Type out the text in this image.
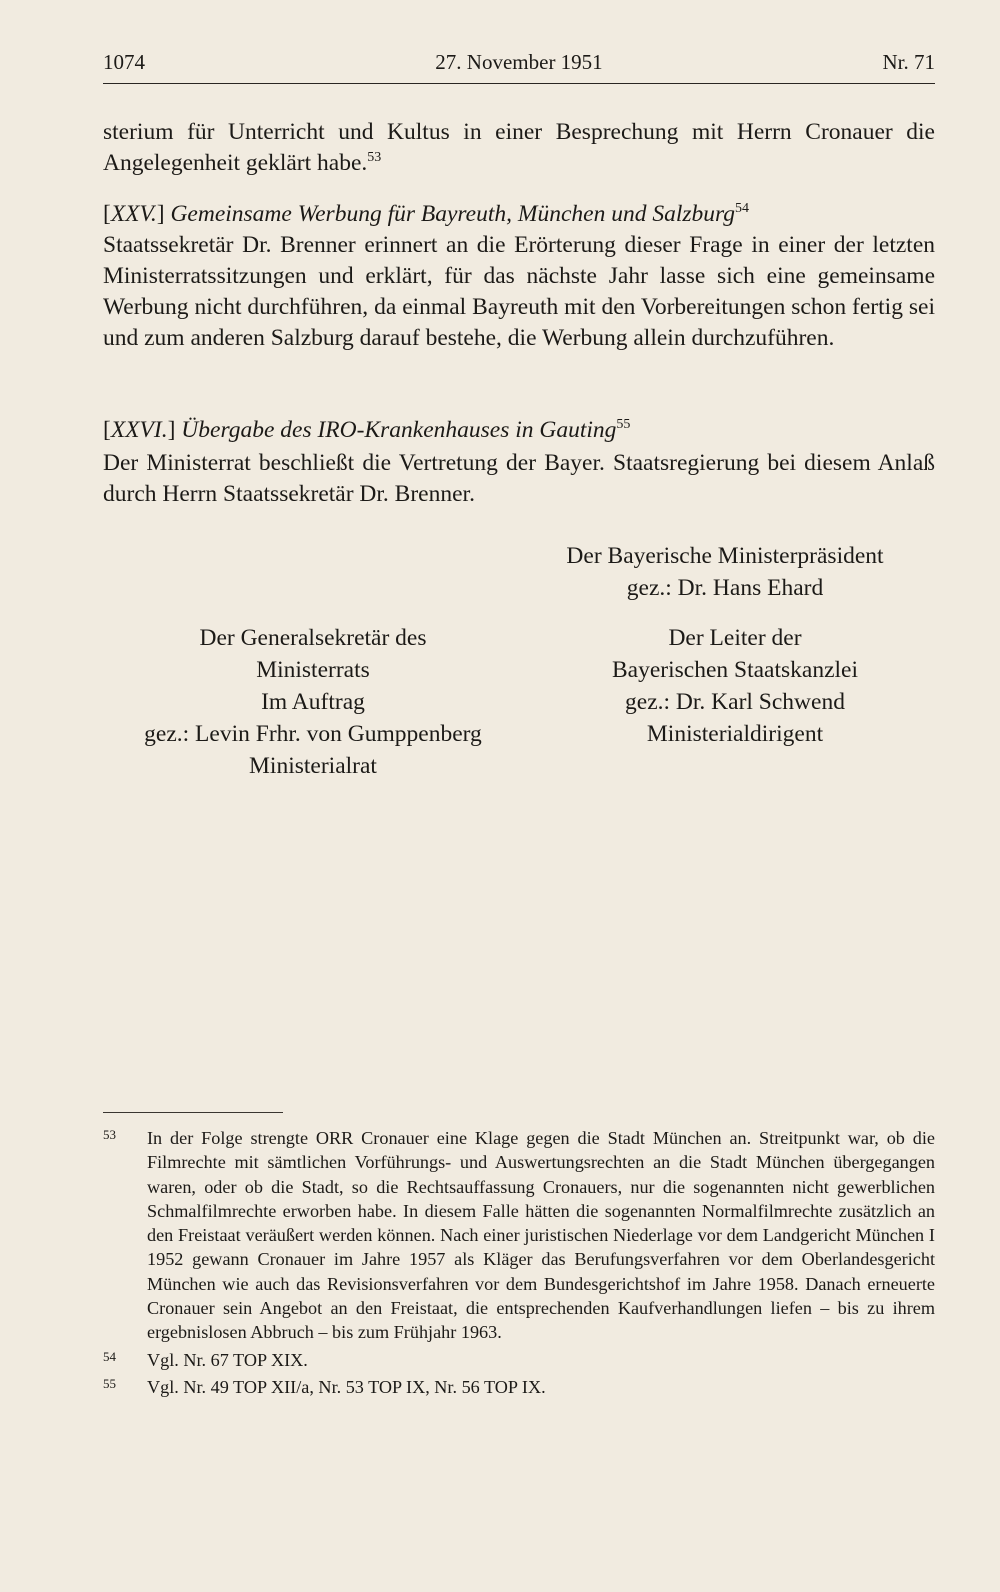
1074	27. November 1951	Nr. 71
sterium für Unterricht und Kultus in einer Besprechung mit Herrn Cronauer die Angelegenheit geklärt habe.$^{53}$
[XXV.] Gemeinsame Werbung für Bayreuth, München und Salzburg$^{54}$
Staatssekretär Dr. Brenner erinnert an die Erörterung dieser Frage in einer der letzten Ministerratssitzungen und erklärt, für das nächste Jahr lasse sich eine gemeinsame Werbung nicht durchführen, da einmal Bayreuth mit den Vorbereitungen schon fertig sei und zum anderen Salzburg darauf bestehe, die Werbung allein durchzuführen.
[XXVI.] Übergabe des IRO-Krankenhauses in Gauting$^{55}$
Der Ministerrat beschließt die Vertretung der Bayer. Staatsregierung bei diesem Anlaß durch Herrn Staatssekretär Dr. Brenner.
Der Bayerische Ministerpräsident
gez.: Dr. Hans Ehard
Der Generalsekretär des
Ministerrats
Im Auftrag
gez.: Levin Frhr. von Gumppenberg
Ministerialrat
Der Leiter der
Bayerischen Staatskanzlei
gez.: Dr. Karl Schwend
Ministerialdirigent
53 In der Folge strengte ORR Cronauer eine Klage gegen die Stadt München an. Streitpunkt war, ob die Filmrechte mit sämtlichen Vorführungs- und Auswertungsrechten an die Stadt München übergegangen waren, oder ob die Stadt, so die Rechtsauffassung Cronauers, nur die sogenannten nicht gewerblichen Schmalfilmrechte erworben habe. In diesem Falle hätten die sogenannten Normalfilmrechte zusätzlich an den Freistaat veräußert werden können. Nach einer juristischen Niederlage vor dem Landgericht München I 1952 gewann Cronauer im Jahre 1957 als Kläger das Berufungsverfahren vor dem Oberlandesgericht München wie auch das Revisionsverfahren vor dem Bundesgerichtshof im Jahre 1958. Danach erneuerte Cronauer sein Angebot an den Freistaat, die entsprechenden Kaufverhandlungen liefen – bis zu ihrem ergebnislosen Abbruch – bis zum Frühjahr 1963.
54 Vgl. Nr. 67 TOP XIX.
55 Vgl. Nr. 49 TOP XII/a, Nr. 53 TOP IX, Nr. 56 TOP IX.
